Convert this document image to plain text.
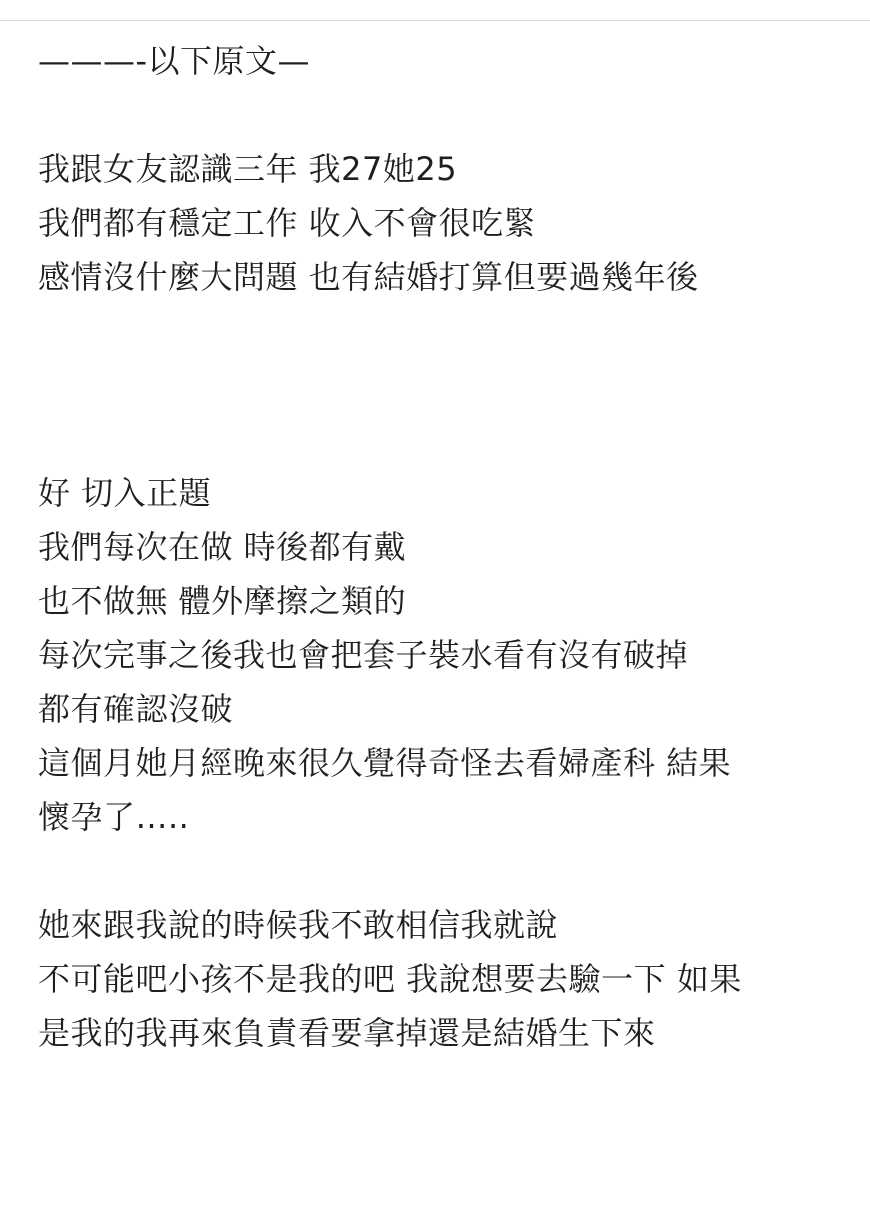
———-以下原文—
我跟女友認識三年 我27她25
我們都有穩定工作 收入不會很吃緊
感情沒什麼大問題 也有結婚打算但要過幾年後
好 切入正題
我們每次在做 時後都有戴
也不做無 體外摩擦之類的
每次完事之後我也會把套子裝水看有沒有破掉
都有確認沒破
這個月她月經晚來很久覺得奇怪去看婦產科 結果
懷孕了…..
她來跟我說的時候我不敢相信我就說
不可能吧小孩不是我的吧 我說想要去驗一下 如果
是我的我再來負責看要拿掉還是結婚生下來
